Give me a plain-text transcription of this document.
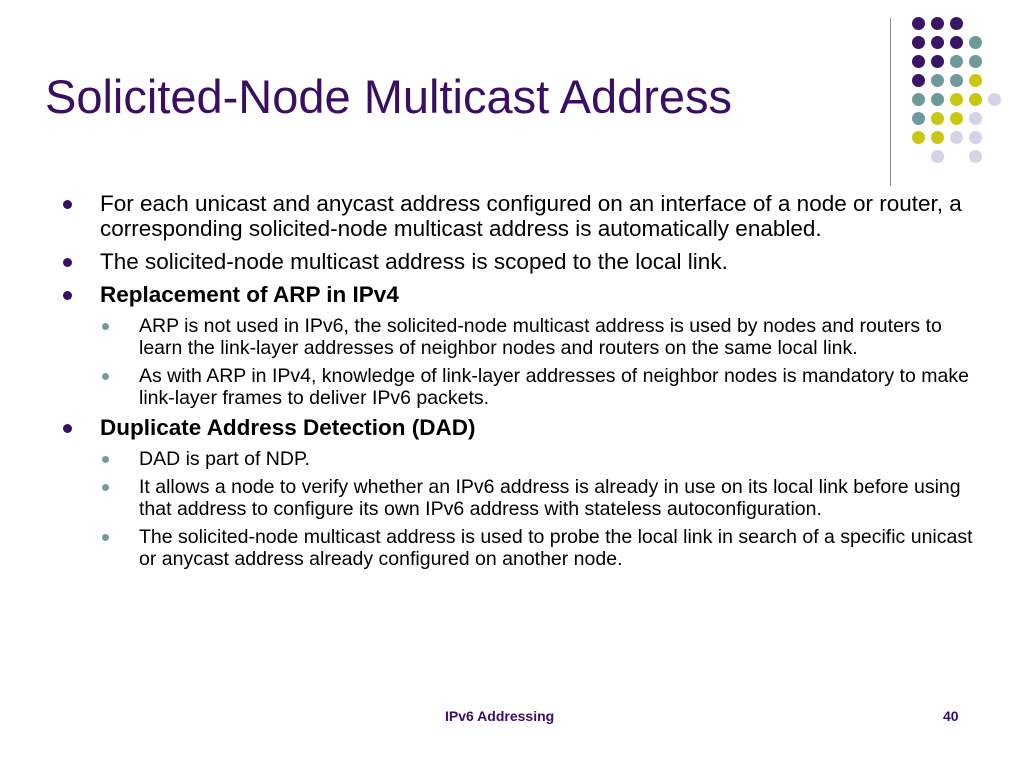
Solicited-Node Multicast Address
For each unicast and anycast address configured on an interface of a node or router, a corresponding solicited-node multicast address is automatically enabled.
The solicited-node multicast address is scoped to the local link.
Replacement of ARP in IPv4
ARP is not used in IPv6, the solicited-node multicast address is used by nodes and routers to learn the link-layer addresses of neighbor nodes and routers on the same local link.
As with ARP in IPv4, knowledge of link-layer addresses of neighbor nodes is mandatory to make link-layer frames to deliver IPv6 packets.
Duplicate Address Detection (DAD)
DAD is part of NDP.
It allows a node to verify whether an IPv6 address is already in use on its local link before using that address to configure its own IPv6 address with stateless autoconfiguration.
The solicited-node multicast address is used to probe the local link in search of a specific unicast or anycast address already configured on another node.
IPv6 Addressing	40
